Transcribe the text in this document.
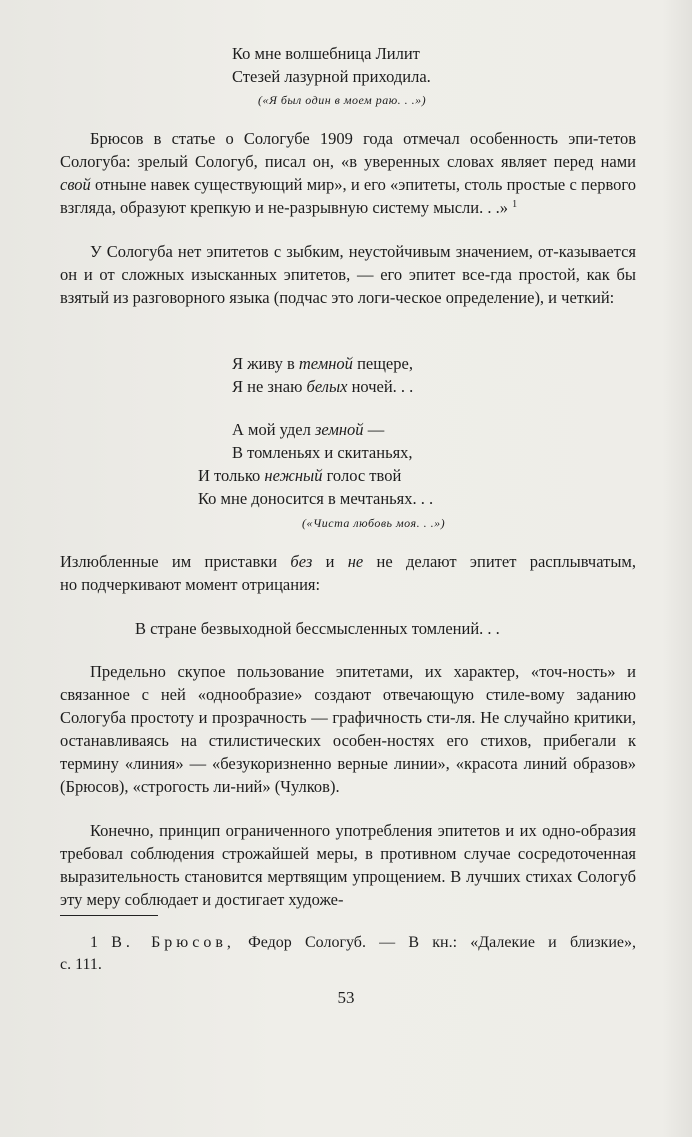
Ко мне волшебница Лилит
Стезей лазурной приходила.
(«Я был один в моем раю. . .»)
Брюсов в статье о Сологубе 1909 года отмечал особенность эпи-тетов Сологуба: зрелый Сологуб, писал он, «в уверенных словах являет перед нами свой отныне навек существующий мир», и его «эпитеты, столь простые с первого взгляда, образуют крепкую и не-разрывную систему мысли. . .» $^1$
У Сологуба нет эпитетов с зыбким, неустойчивым значением, от-казывается он и от сложных изысканных эпитетов, — его эпитет все-гда простой, как бы взятый из разговорного языка (подчас это логи-ческое определение), и четкий:
Я живу в темной пещере,
Я не знаю белых ночей. . .
А мой удел земной —
В томленьях и скитаньях,
И только нежный голос твой
Ко мне доносится в мечтаньях. . .
(«Чиста любовь моя. . .»)
Излюбленные им приставки без и не не делают эпитет расплывчатым,
но подчеркивают момент отрицания:
В стране безвыходной бессмысленных томлений. . .
Предельно скупое пользование эпитетами, их характер, «точ-ность» и связанное с ней «однообразие» создают отвечающую стиле-вому заданию Сологуба простоту и прозрачность — графичность сти-ля. Не случайно критики, останавливаясь на стилистических особен-ностях его стихов, прибегали к термину «линия» — «безукоризненно верные линии», «красота линий образов» (Брюсов), «строгость ли-ний» (Чулков).
Конечно, принцип ограниченного употребления эпитетов и их одно-образия требовал соблюдения строжайшей меры, в противном случае сосредоточенная выразительность становится мертвящим упрощением. В лучших стихах Сологуб эту меру соблюдает и достигает художе-
1 В. Брюсов, Федор Сологуб. — В кн.: «Далекие и близкие»,
с. 111.
53
